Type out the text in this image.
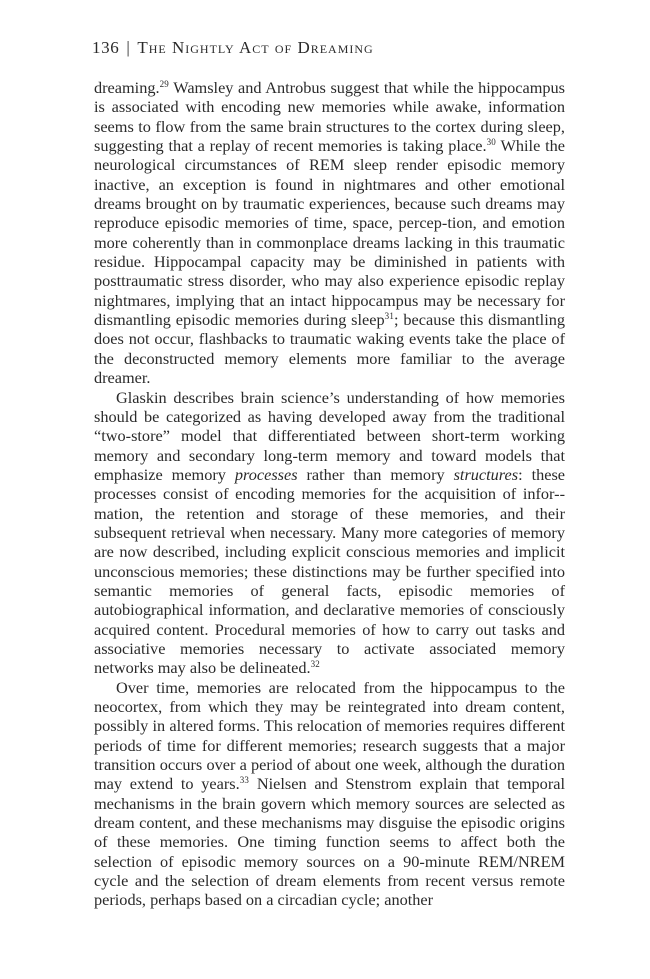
136 | The Nightly Act of Dreaming

dreaming.$^{29}$ Wamsley and Antrobus suggest that while the hippocampus is associated with encoding new memories while awake, information seems to flow from the same brain structures to the cortex during sleep, suggesting that a replay of recent memories is taking place.$^{30}$ While the neurological circumstances of REM sleep render episodic memory inactive, an exception is found in nightmares and other emotional dreams brought on by traumatic experiences, because such dreams may reproduce episodic memories of time, space, percep-tion, and emotion more coherently than in commonplace dreams lacking in this traumatic residue. Hippocampal capacity may be diminished in patients with posttraumatic stress disorder, who may also experience episodic replay nightmares, implying that an intact hippocampus may be necessary for dismantling episodic memories during sleep$^{31}$; because this dismantling does not occur, flashbacks to traumatic waking events take the place of the deconstructed memory elements more familiar to the average dreamer.

Glaskin describes brain science’s understanding of how memories should be categorized as having developed away from the traditional “two-store” model that differentiated between short-term working memory and secondary long-term memory and toward models that emphasize memory processes rather than memory structures: these processes consist of encoding memories for the acquisition of infor-mation, the retention and storage of these memories, and their subsequent retrieval when necessary. Many more categories of memory are now described, including explicit conscious memories and implicit unconscious memories; these distinctions may be further specified into semantic memories of general facts, episodic memories of autobiographical information, and declarative memories of consciously acquired content. Procedural memories of how to carry out tasks and associative memories necessary to activate associated memory networks may also be delineated.$^{32}$

Over time, memories are relocated from the hippocampus to the neocortex, from which they may be reintegrated into dream content, possibly in altered forms. This relocation of memories requires different periods of time for different memories; research suggests that a major transition occurs over a period of about one week, although the duration may extend to years.$^{33}$ Nielsen and Stenstrom explain that temporal mechanisms in the brain govern which memory sources are selected as dream content, and these mechanisms may disguise the episodic origins of these memories. One timing function seems to affect both the selection of episodic memory sources on a 90-minute REM/NREM cycle and the selection of dream elements from recent versus remote periods, perhaps based on a circadian cycle; another
